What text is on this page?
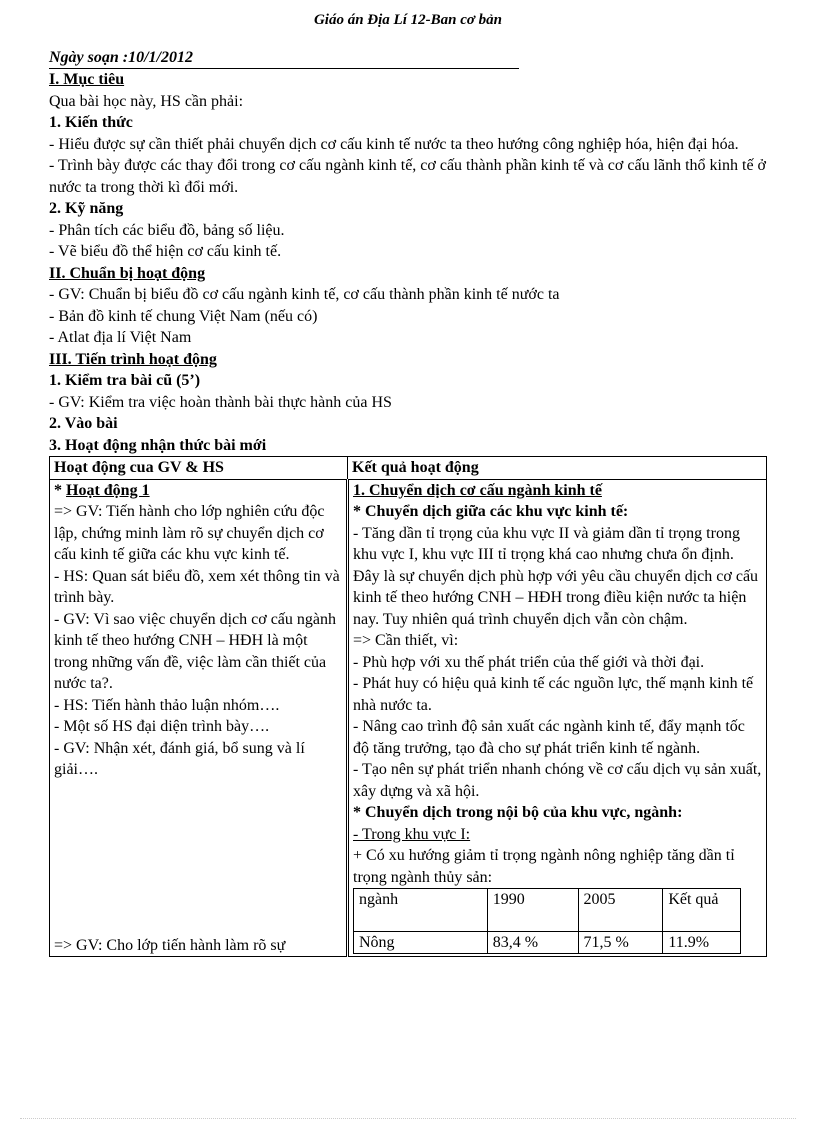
Giáo án Địa Lí 12-Ban cơ bản
Ngày soạn :10/1/2012
I. Mục tiêu
Qua bài học này, HS cần phải:
1. Kiến thức
- Hiểu được sự cần thiết phải chuyển dịch cơ cấu kinh tế nước ta theo hướng công nghiệp hóa, hiện đại hóa.
- Trình bày được các thay đổi trong cơ cấu ngành kinh tế, cơ cấu thành phần kinh tế và cơ cấu lãnh thổ kinh tế ở nước ta trong thời kì đổi mới.
2. Kỹ năng
- Phân tích các biểu đồ, bảng số liệu.
- Vẽ biểu đồ thể hiện cơ cấu kinh tế.
II. Chuẩn bị hoạt động
- GV: Chuẩn bị biểu đồ cơ cấu ngành kinh tế, cơ cấu thành phần kinh tế nước ta
- Bản đồ kinh tế chung Việt Nam (nếu có)
- Atlat địa lí Việt Nam
III. Tiến trình hoạt động
1. Kiểm tra bài cũ (5’)
- GV: Kiểm tra việc hoàn thành bài thực hành của HS
2. Vào bài
3. Hoạt động nhận thức bài mới
Hoạt động cua GV & HS	Kết quả hoạt động

* Hoạt động 1
=> GV: Tiến hành cho lớp nghiên cứu độc lập, chứng minh làm rõ sự chuyển dịch cơ cấu kinh tế giữa các khu vực kinh tế.
- HS: Quan sát biểu đồ, xem xét thông tin và trình bày.
- GV: Vì sao việc chuyển dịch cơ cấu ngành kinh tế theo hướng CNH – HĐH là một trong những vấn đề, việc làm cần thiết của nước ta?.
- HS: Tiến hành thảo luận nhóm….
- Một số HS đại diện trình bày….
- GV: Nhận xét, đánh giá, bổ sung và lí giải….
=> GV: Cho lớp tiến hành làm rõ sự

1. Chuyển dịch cơ cấu ngành kinh tế
* Chuyển dịch giữa các khu vực kinh tế:
- Tăng dần tỉ trọng của khu vực II và giảm dần tỉ trọng trong khu vực I, khu vực III tỉ trọng khá cao nhưng chưa ổn định.
Đây là sự chuyển dịch phù hợp với yêu cầu chuyển dịch cơ cấu kinh tế theo hướng CNH – HĐH trong điều kiện nước ta hiện nay. Tuy nhiên quá trình chuyển dịch vẫn còn chậm.
=> Cần thiết, vì:
- Phù hợp với xu thế phát triển của thế giới và thời đại.
- Phát huy có hiệu quả kinh tế các nguồn lực, thế mạnh kinh tế nhà nước ta.
- Nâng cao trình độ sản xuất các ngành kinh tế, đẩy mạnh tốc độ tăng trưởng, tạo đà cho sự phát triển kinh tế ngành.
- Tạo nên sự phát triển nhanh chóng về cơ cấu dịch vụ sản xuất, xây dựng và xã hội.
* Chuyển dịch trong nội bộ của khu vực, ngành:
- Trong khu vực I:
+ Có xu hướng giảm tỉ trọng ngành nông nghiệp tăng dần tỉ trọng ngành thủy sản:
ngành	1990	2005	Kết quả
Nông	83,4 %	71,5 %	11.9%
